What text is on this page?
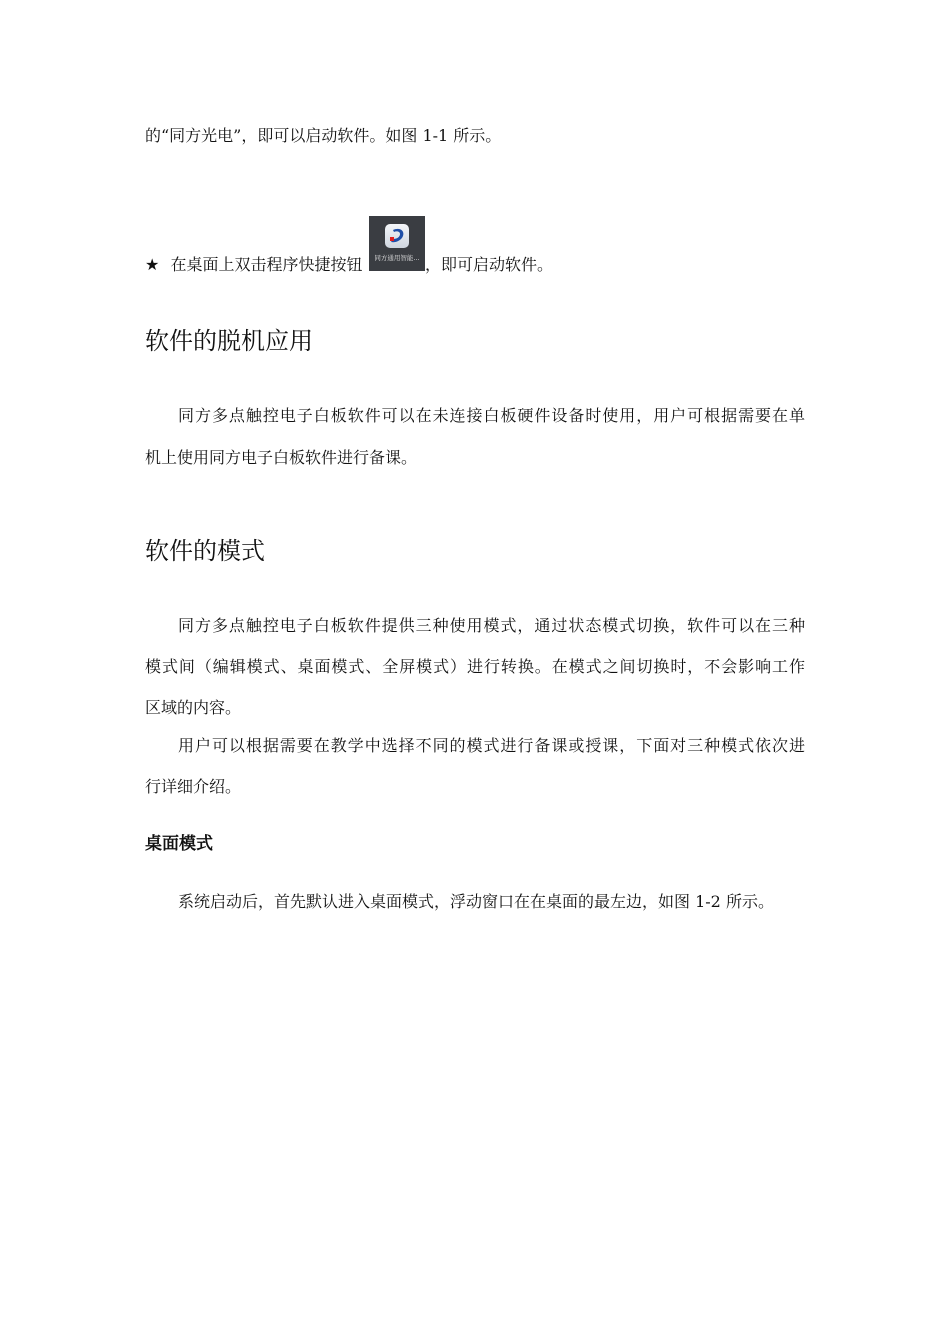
的“同方光电”，即可以启动软件。如图 1-1 所示。
★ 在桌面上双击程序快捷按钮	同方通用智能... ，即可启动软件。
软件的脱机应用
同方多点触控电子白板软件可以在未连接白板硬件设备时使用，用户可根据需要在单
机上使用同方电子白板软件进行备课。
软件的模式
同方多点触控电子白板软件提供三种使用模式，通过状态模式切换，软件可以在三种
模式间（编辑模式、桌面模式、全屏模式）进行转换。在模式之间切换时，不会影响工作
区域的内容。
用户可以根据需要在教学中选择不同的模式进行备课或授课，下面对三种模式依次进
行详细介绍。
桌面模式
系统启动后，首先默认进入桌面模式，浮动窗口在在桌面的最左边，如图 1-2 所示。
